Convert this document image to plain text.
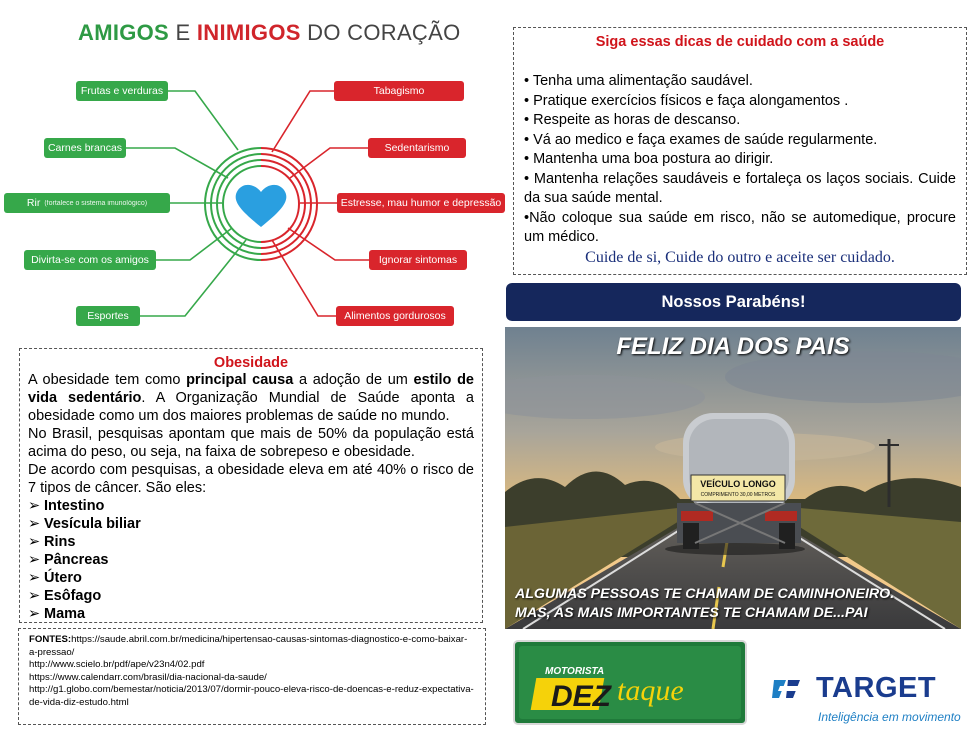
AMIGOS E INIMIGOS DO CORAÇÃO
Frutas e verduras
Carnes brancas
Rir (fortalece o sistema imunológico)
Divirta-se com os amigos
Esportes
Tabagismo
Sedentarismo
Estresse, mau humor e depressão
Ignorar sintomas
Alimentos gordurosos
Siga essas dicas de cuidado com a saúde
• Tenha uma alimentação saudável.
• Pratique exercícios físicos e faça alongamentos .
• Respeite as horas de descanso.
• Vá ao medico e faça exames de saúde regularmente.
• Mantenha uma boa postura ao dirigir.
• Mantenha relações saudáveis e fortaleça os laços sociais. Cuide da sua saúde mental.
•Não coloque sua saúde em risco, não se automedique, procure um médico.
Cuide de si, Cuide do outro e aceite ser cuidado.
Nossos Parabéns!
VEÍCULO LONGO
COMPRIMENTO 30,00 METROS
FELIZ DIA DOS PAIS
ALGUMAS PESSOAS TE CHAMAM DE CAMINHONEIRO.
MAS, AS MAIS IMPORTANTES TE CHAMAM DE...PAI
Obesidade

A obesidade tem como principal causa a adoção de um estilo de vida sedentário. A Organização Mundial de Saúde aponta a obesidade como um dos maiores problemas de saúde no mundo.

No Brasil, pesquisas apontam que mais de 50% da população está acima do peso, ou seja, na faixa de sobrepeso e obesidade.

De acordo com pesquisas, a obesidade eleva em até 40% o risco de 7 tipos de câncer. São eles:

➢ Intestino
➢ Vesícula biliar
➢ Rins
➢ Pâncreas
➢ Útero
➢ Esôfago
➢ Mama
FONTES:https://saude.abril.com.br/medicina/hipertensao-causas-sintomas-diagnostico-e-como-baixar-a-pressao/
http://www.scielo.br/pdf/ape/v23n4/02.pdf
https://www.calendarr.com/brasil/dia-nacional-da-saude/
http://g1.globo.com/bemestar/noticia/2013/07/dormir-pouco-eleva-risco-de-doencas-e-reduz-expectativa-de-vida-diz-estudo.html
MOTORISTA
DEZ taque	TARGET
Inteligência em movimento
